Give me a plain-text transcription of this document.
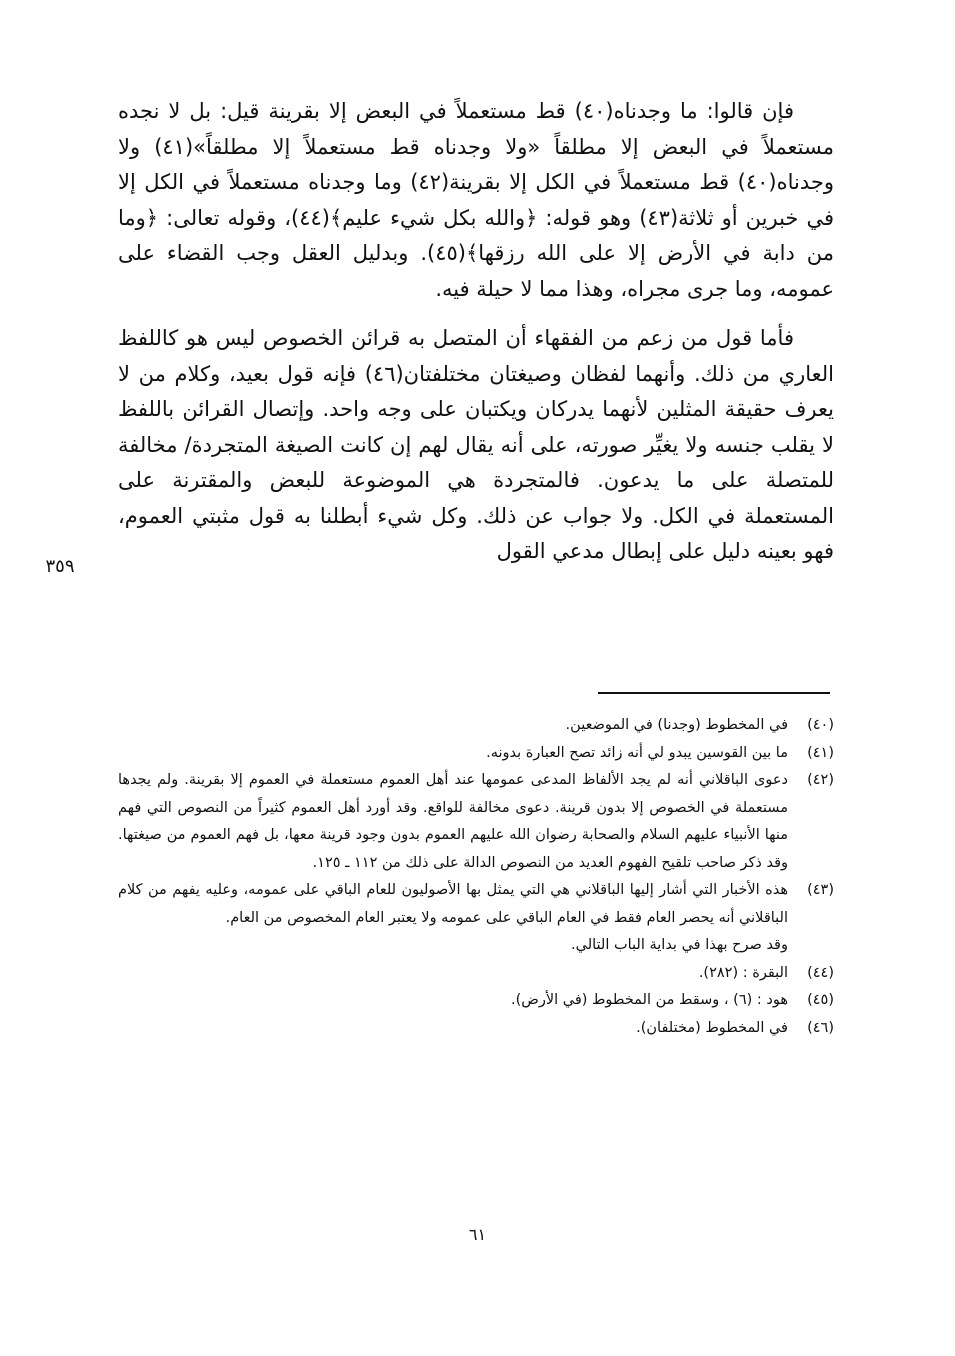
فإن قالوا: ما وجدناه(٤٠) قط مستعملاً في البعض إلا بقرينة قيل: بل لا نجده مستعملاً في البعض إلا مطلقاً «ولا وجدناه قط مستعملاً إلا مطلقاً»(٤١) ولا وجدناه(٤٠) قط مستعملاً في الكل إلا بقرينة(٤٢) وما وجدناه مستعملاً في الكل إلا في خبرين أو ثلاثة(٤٣) وهو قوله: ﴿والله بكل شيء عليم﴾(٤٤)، وقوله تعالى: ﴿وما من دابة في الأرض إلا على الله رزقها﴾(٤٥). وبدليل العقل وجب القضاء على عمومه، وما جرى مجراه، وهذا مما لا حيلة فيه.

فأما قول من زعم من الفقهاء أن المتصل به قرائن الخصوص ليس هو كاللفظ العاري من ذلك. وأنهما لفظان وصيغتان مختلفتان(٤٦) فإنه قول بعيد، وكلام من لا يعرف حقيقة المثلين لأنهما يدركان ويكتبان على وجه واحد. وإتصال القرائن باللفظ لا يقلب جنسه ولا يغيِّر صورته، على أنه يقال لهم إن كانت الصيغة المتجردة/ مخالفة للمتصلة على ما يدعون. فالمتجردة هي الموضوعة للبعض والمقترنة على المستعملة في الكل. ولا جواب عن ذلك. وكل شيء أبطلنا به قول مثبتي العموم، فهو بعينه دليل على إبطال مدعي القول

٣٥٩
(٤٠)
في المخطوط (وجدنا) في الموضعين.
(٤١)
ما بين القوسين يبدو لي أنه زائد تصح العبارة بدونه.
(٤٢)
دعوى الباقلاني أنه لم يجد الألفاظ المدعى عمومها عند أهل العموم مستعملة في العموم إلا بقرينة. ولم يجدها مستعملة في الخصوص إلا بدون قرينة. دعوى مخالفة للواقع. وقد أورد أهل العموم كثيراً من النصوص التي فهم منها الأنبياء عليهم السلام والصحابة رضوان الله عليهم العموم بدون وجود قرينة معها، بل فهم العموم من صيغتها. وقد ذكر صاحب تلقيح الفهوم العديد من النصوص الدالة على ذلك من ١١٢ ـ ١٢٥.
(٤٣)
هذه الأخبار التي أشار إليها الباقلاني هي التي يمثل بها الأصوليون للعام الباقي على عمومه، وعليه يفهم من كلام الباقلاني أنه يحصر العام فقط في العام الباقي على عمومه ولا يعتبر العام المخصوص من العام.
وقد صرح بهذا في بداية الباب التالي.
(٤٤)
البقرة : (٢٨٢).
(٤٥)
هود : (٦) ، وسقط من المخطوط (في الأرض).
(٤٦)
في المخطوط (مختلفان).
٦١
